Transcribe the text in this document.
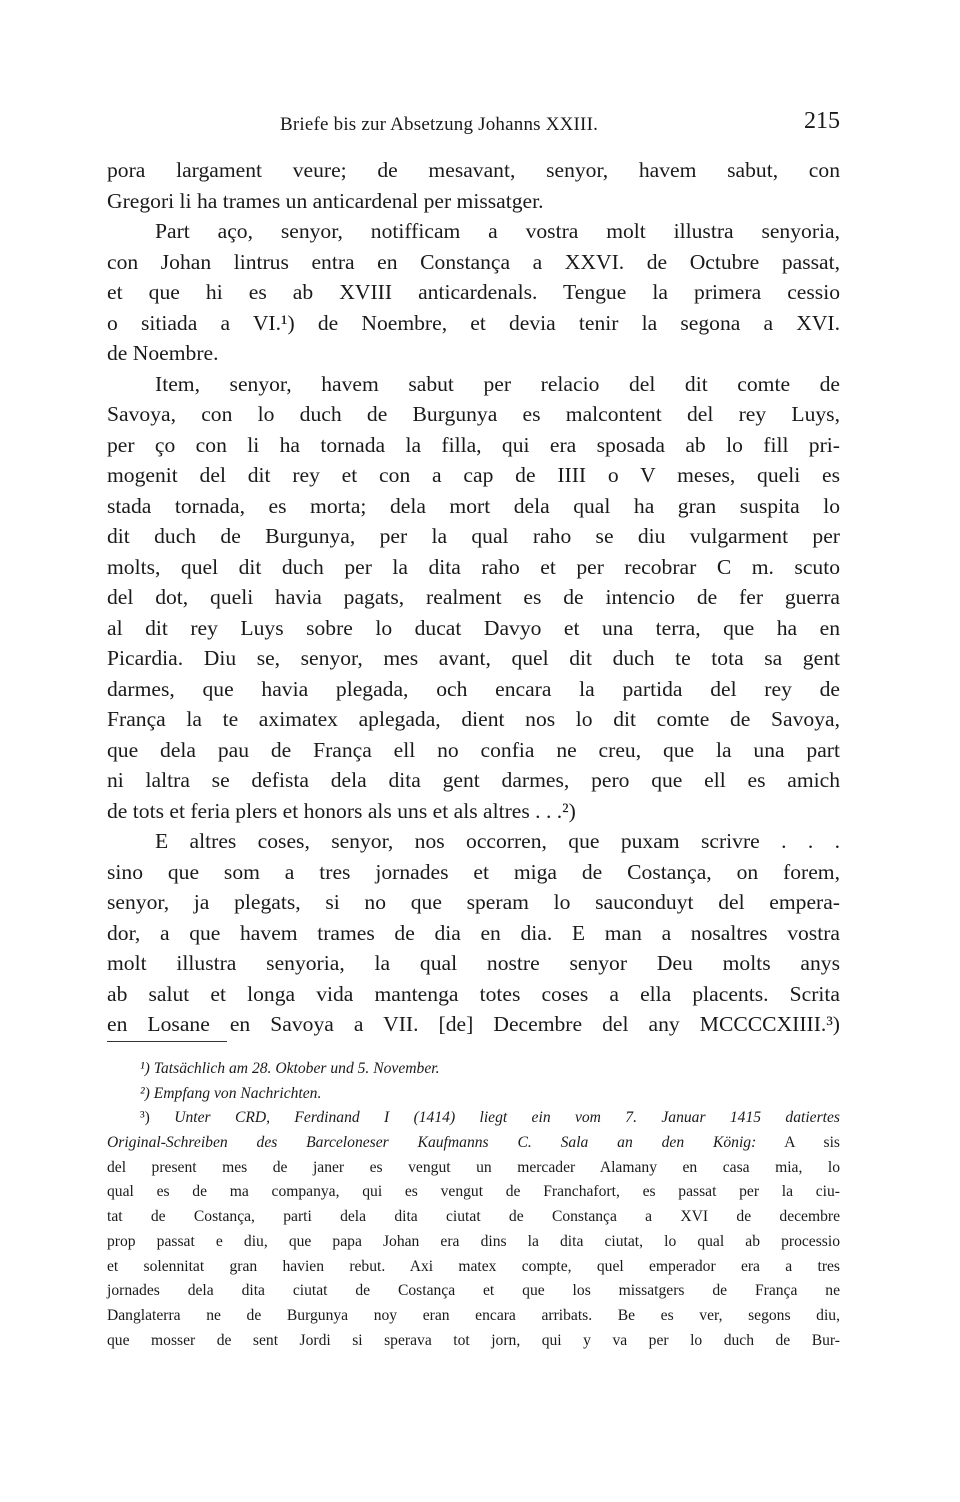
Briefe bis zur Absetzung Johanns XXIII.	215
pora largament veure; de mesavant, senyor, havem sabut, con
Gregori li ha trames un anticardenal per missatger.
Part aço, senyor, notifficam a vostra molt illustra senyoria,
con Johan lintrus entra en Constança a XXVI. de Octubre passat,
et que hi es ab XVIII anticardenals. Tengue la primera cessio
o sitiada a VI.¹) de Noembre, et devia tenir la segona a XVI.
de Noembre.
Item, senyor, havem sabut per relacio del dit comte de
Savoya, con lo duch de Burgunya es malcontent del rey Luys,
per ço con li ha tornada la filla, qui era sposada ab lo fill pri-
mogenit del dit rey et con a cap de IIII o V meses, queli es
stada tornada, es morta; dela mort dela qual ha gran suspita lo
dit duch de Burgunya, per la qual raho se diu vulgarment per
molts, quel dit duch per la dita raho et per recobrar C m. scuto
del dot, queli havia pagats, realment es de intencio de fer guerra
al dit rey Luys sobre lo ducat Davyo et una terra, que ha en
Picardia. Diu se, senyor, mes avant, quel dit duch te tota sa gent
darmes, que havia plegada, och encara la partida del rey de
França la te aximatex aplegada, dient nos lo dit comte de Savoya,
que dela pau de França ell no confia ne creu, que la una part
ni laltra se defista dela dita gent darmes, pero que ell es amich
de tots et feria plers et honors als uns et als altres . . .²)
E altres coses, senyor, nos occorren, que puxam scrivre . . .
sino que som a tres jornades et miga de Costança, on forem,
senyor, ja plegats, si no que speram lo sauconduyt del empera-
dor, a que havem trames de dia en dia. E man a nosaltres vostra
molt illustra senyoria, la qual nostre senyor Deu molts anys
ab salut et longa vida mantenga totes coses a ella placents. Scrita
en Losane en Savoya a VII. [de] Decembre del any MCCCCXIIII.³)
¹) Tatsächlich am 28. Oktober und 5. November.
²) Empfang von Nachrichten.
³) Unter CRD, Ferdinand I (1414) liegt ein vom 7. Januar 1415 datiertes
Original-Schreiben des Barceloneser Kaufmanns C. Sala an den König: A sis
del present mes de janer es vengut un mercader Alamany en casa mia, lo
qual es de ma companya, qui es vengut de Franchafort, es passat per la ciu-
tat de Costança, parti dela dita ciutat de Constança a XVI de decembre
prop passat e diu, que papa Johan era dins la dita ciutat, lo qual ab processio
et solennitat gran havien rebut. Axi matex compte, quel emperador era a tres
jornades dela dita ciutat de Costança et que los missatgers de França ne
Danglaterra ne de Burgunya noy eran encara arribats. Be es ver, segons diu,
que mosser de sent Jordi si sperava tot jorn, qui y va per lo duch de Bur-
